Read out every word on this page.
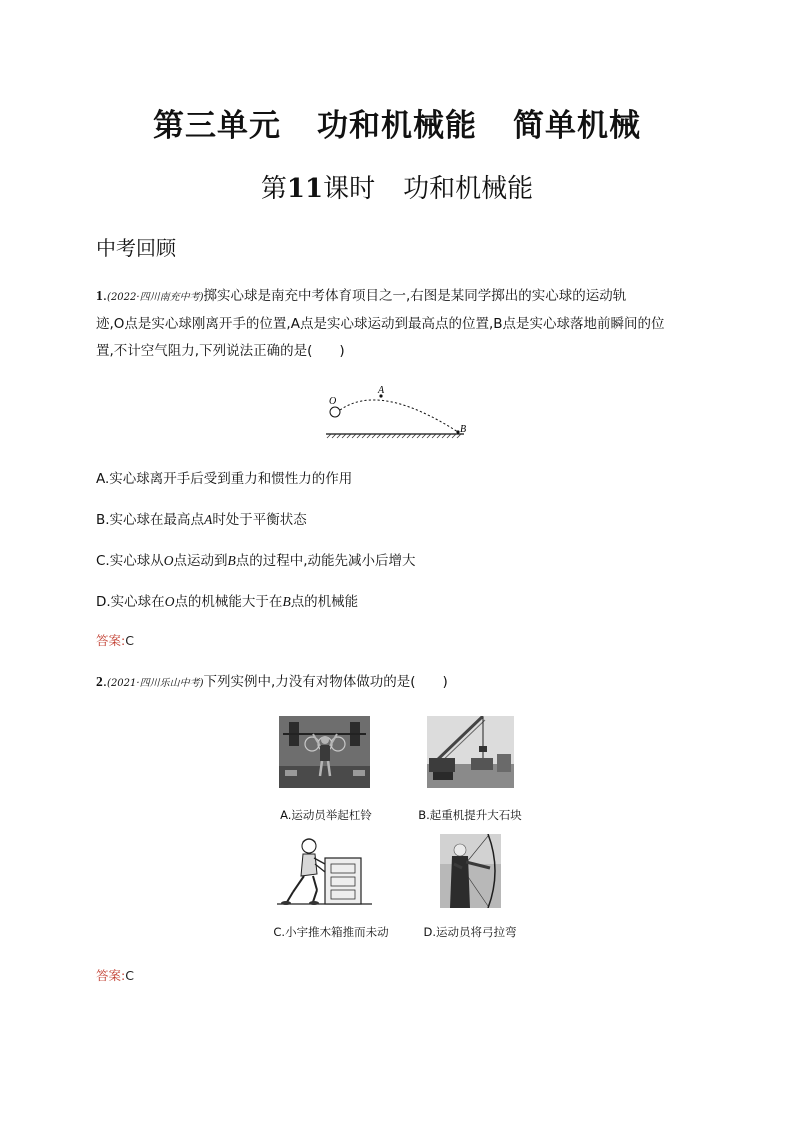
第三单元 功和机械能 简单机械
第11课时 功和机械能
中考回顾
1.(2022·四川南充中考)掷实心球是南充中考体育项目之一,右图是某同学掷出的实心球的运动轨
迹,O点是实心球刚离开手的位置,A点是实心球运动到最高点的位置,B点是实心球落地前瞬间的位
置,不计空气阻力,下列说法正确的是(　　)
O
A
B
A.实心球离开手后受到重力和惯性力的作用
B.实心球在最高点A时处于平衡状态
C.实心球从O点运动到B点的过程中,动能先减小后增大
D.实心球在O点的机械能大于在B点的机械能
答案:C
2.(2021·四川乐山中考)下列实例中,力没有对物体做功的是(　　)
A.运动员举起杠铃	B.起重机提升大石块
C.小宇推木箱推而未动	D.运动员将弓拉弯
答案:C
